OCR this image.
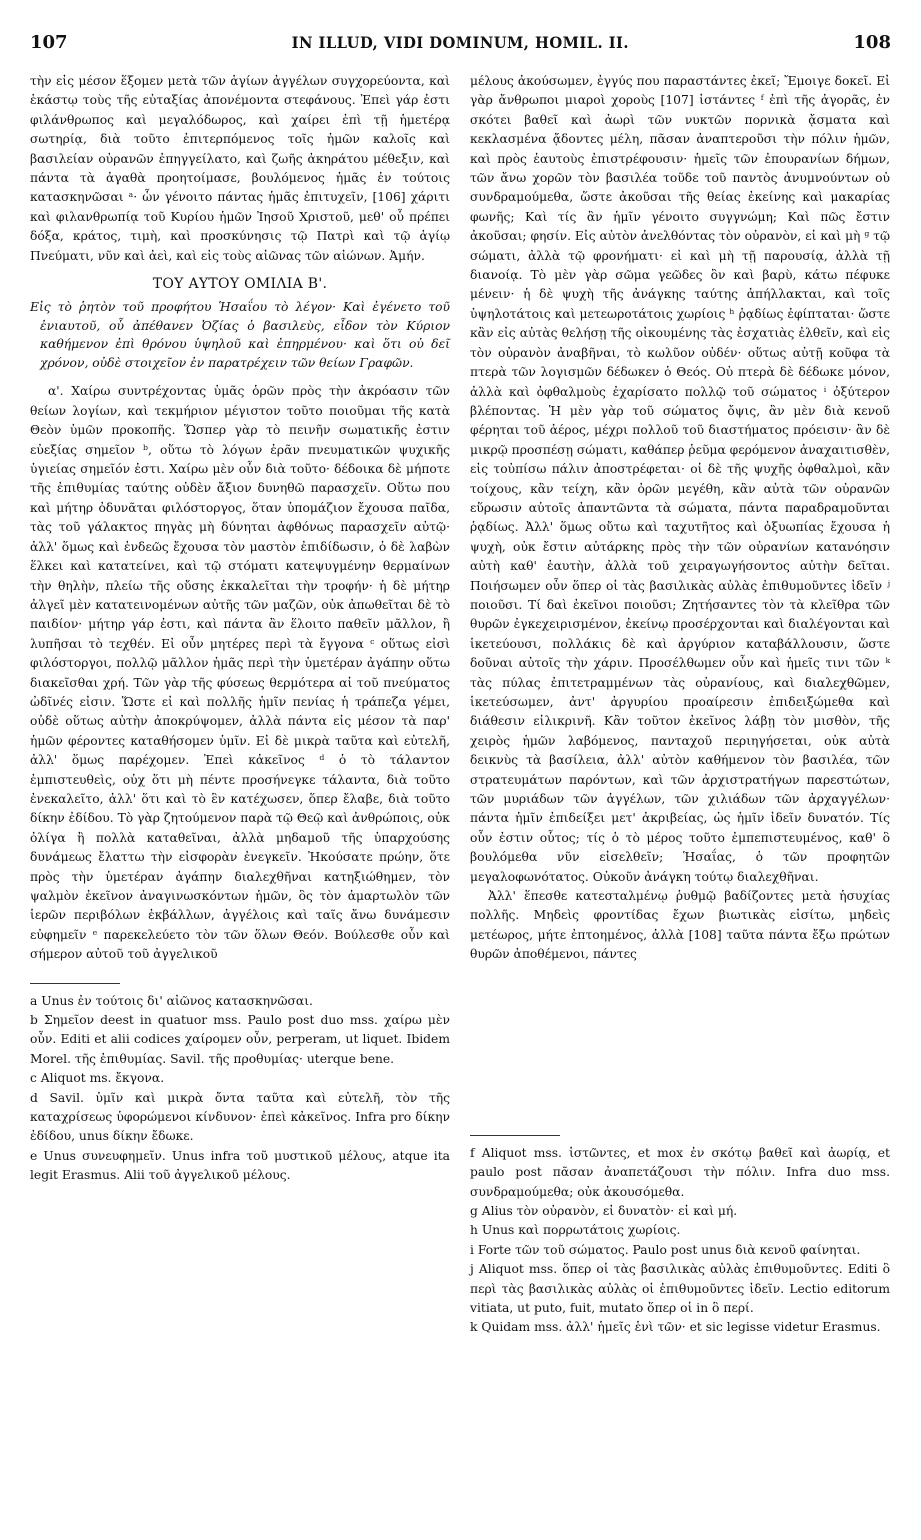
107	IN ILLUD, VIDI DOMINUM, HOMIL. II.	108

τὴν εἰς μέσον ἕξομεν μετὰ τῶν ἁγίων ἀγγέλων συγχορεύοντα, καὶ ἑκάστῳ τοὺς τῆς εὐταξίας ἀπονέμοντα στεφάνους. Ἐπεὶ γάρ ἐστι φιλάνθρωπος καὶ μεγαλόδωρος, καὶ χαίρει ἐπὶ τῇ ἡμετέρᾳ σωτηρίᾳ, διὰ τοῦτο ἐπιτερπόμενος τοῖς ἡμῶν καλοῖς καὶ βασιλείαν οὐρανῶν ἐπηγγείλατο, καὶ ζωῆς ἀκηράτου μέθεξιν, καὶ πάντα τὰ ἀγαθὰ προητοίμασε, βουλόμενος ἡμᾶς ἐν τούτοις κατασκηνῶσαι ᵃ· ὧν γένοιτο πάντας ἡμᾶς ἐπιτυχεῖν, [106] χάριτι καὶ φιλανθρωπίᾳ τοῦ Κυρίου ἡμῶν Ἰησοῦ Χριστοῦ, μεθ' οὗ πρέπει δόξα, κράτος, τιμὴ, καὶ προσκύνησις τῷ Πατρὶ καὶ τῷ ἁγίῳ Πνεύματι, νῦν καὶ ἀεὶ, καὶ εἰς τοὺς αἰῶνας τῶν αἰώνων. Ἀμήν.

ΤΟΥ ΑΥΤΟΥ ΟΜΙΛΙΑ Β'.
Εἰς τὸ ῥητὸν τοῦ προφήτου Ἡσαΐου τὸ λέγον· Καὶ ἐγένετο τοῦ ἐνιαυτοῦ, οὗ ἀπέθανεν Ὀζίας ὁ βασιλεὺς, εἶδον τὸν Κύριον καθήμενον ἐπὶ θρόνου ὑψηλοῦ καὶ ἐπηρμένου· καὶ ὅτι οὐ δεῖ χρόνον, οὐδὲ στοιχεῖον ἐν παρατρέχειν τῶν θείων Γραφῶν.

α'. Χαίρω συντρέχοντας ὑμᾶς ὁρῶν πρὸς τὴν ἀκρόασιν τῶν θείων λογίων, καὶ τεκμήριον μέγιστον τοῦτο ποιοῦμαι τῆς κατὰ Θεὸν ὑμῶν προκοπῆς. Ὥσπερ γὰρ τὸ πεινῆν σωματικῆς ἐστιν εὐεξίας σημεῖον ᵇ, οὕτω τὸ λόγων ἐρᾶν πνευματικῶν ψυχικῆς ὑγιείας σημεῖόν ἐστι. Χαίρω μὲν οὖν διὰ τοῦτο· δέδοικα δὲ μήποτε τῆς ἐπιθυμίας ταύτης οὐδὲν ἄξιον δυνηθῶ παρασχεῖν. Οὕτω που καὶ μήτηρ ὀδυνᾶται φιλόστοργος, ὅταν ὑπομάζιον ἔχουσα παῖδα, τὰς τοῦ γάλακτος πηγὰς μὴ δύνηται ἀφθόνως παρασχεῖν αὐτῷ· ἀλλ' ὅμως καὶ ἐνδεῶς ἔχουσα τὸν μαστὸν ἐπιδίδωσιν, ὁ δὲ λαβὼν ἕλκει καὶ κατατείνει, καὶ τῷ στόματι κατεψυγμένην θερμαίνων τὴν θηλὴν, πλείω τῆς οὔσης ἐκκαλεῖται τὴν τροφήν· ἡ δὲ μήτηρ ἀλγεῖ μὲν κατατεινομένων αὐτῆς τῶν μαζῶν, οὐκ ἀπωθεῖται δὲ τὸ παιδίον· μήτηρ γάρ ἐστι, καὶ πάντα ἂν ἕλοιτο παθεῖν μᾶλλον, ἢ λυπῆσαι τὸ τεχθέν. Εἰ οὖν μητέρες περὶ τὰ ἔγγονα ᶜ οὕτως εἰσὶ φιλόστοργοι, πολλῷ μᾶλλον ἡμᾶς περὶ τὴν ὑμετέραν ἀγάπην οὕτω διακεῖσθαι χρή. Τῶν γὰρ τῆς φύσεως θερμότερα αἱ τοῦ πνεύματος ὠδῖνές εἰσιν. Ὥστε εἰ καὶ πολλῆς ἡμῖν πενίας ἡ τράπεζα γέμει, οὐδὲ οὕτως αὐτὴν ἀποκρύψομεν, ἀλλὰ πάντα εἰς μέσον τὰ παρ' ἡμῶν φέροντες καταθήσομεν ὑμῖν. Εἰ δὲ μικρὰ ταῦτα καὶ εὐτελῆ, ἀλλ' ὅμως παρέχομεν. Ἐπεὶ κἀκεῖνος ᵈ ὁ τὸ τάλαντον ἐμπιστευθεὶς, οὐχ ὅτι μὴ πέντε προσήνεγκε τάλαντα, διὰ τοῦτο ἐνεκαλεῖτο, ἀλλ' ὅτι καὶ τὸ ἓν κατέχωσεν, ὅπερ ἔλαβε, διὰ τοῦτο δίκην ἐδίδου. Τὸ γὰρ ζητούμενον παρὰ τῷ Θεῷ καὶ ἀνθρώποις, οὐκ ὀλίγα ἢ πολλὰ καταθεῖναι, ἀλλὰ μηδαμοῦ τῆς ὑπαρχούσης δυνάμεως ἔλαττω τὴν εἰσφορὰν ἐνεγκεῖν. Ἠκούσατε πρώην, ὅτε πρὸς τὴν ὑμετέραν ἀγάπην διαλεχθῆναι κατηξιώθημεν, τὸν ψαλμὸν ἐκεῖνον ἀναγινωσκόντων ἡμῶν, ὃς τὸν ἁμαρτωλὸν τῶν ἱερῶν περιβόλων ἐκβάλλων, ἀγγέλοις καὶ ταῖς ἄνω δυνάμεσιν εὐφημεῖν ᵉ παρεκελεύετο τὸν τῶν ὅλων Θεόν. Βούλεσθε οὖν καὶ σήμερον αὐτοῦ τοῦ ἀγγελικοῦ

a Unus ἐν τούτοις δι' αἰῶνος κατασκηνῶσαι.

b Σημεῖον deest in quatuor mss. Paulo post duo mss. χαίρω μὲν οὖν. Editi et alii codices χαίρομεν οὖν, perperam, ut liquet. Ibidem Morel. τῆς ἐπιθυμίας. Savil. τῆς προθυμίας· uterque bene.

c Aliquot ms. ἔκγονα.

d Savil. ὑμῖν καὶ μικρὰ ὄντα ταῦτα καὶ εὐτελῆ, τὸν τῆς καταχρίσεως ὑφορώμενοι κίνδυνον· ἐπεὶ κἀκεῖνος. Infra pro δίκην ἐδίδου, unus δίκην ἔδωκε.

e Unus συνευφημεῖν. Unus infra τοῦ μυστικοῦ μέλους, atque ita legit Erasmus. Alii τοῦ ἀγγελικοῦ μέλους.

μέλους ἀκούσωμεν, ἐγγύς που παραστάντες ἐκεῖ; Ἔμοιγε δοκεῖ. Εἰ γὰρ ἄνθρωποι μιαροὶ χοροὺς [107] ἱστάντες ᶠ ἐπὶ τῆς ἀγορᾶς, ἐν σκότει βαθεῖ καὶ ἀωρὶ τῶν νυκτῶν πορνικὰ ᾄσματα καὶ κεκλασμένα ᾄδοντες μέλη, πᾶσαν ἀναπτεροῦσι τὴν πόλιν ἡμῶν, καὶ πρὸς ἑαυτοὺς ἐπιστρέφουσιν· ἡμεῖς τῶν ἐπουρανίων δήμων, τῶν ἄνω χορῶν τὸν βασιλέα τοῦδε τοῦ παντὸς ἀνυμνούντων οὐ συνδραμούμεθα, ὥστε ἀκοῦσαι τῆς θείας ἐκείνης καὶ μακαρίας φωνῆς; Καὶ τίς ἂν ἡμῖν γένοιτο συγγνώμη; Καὶ πῶς ἔστιν ἀκοῦσαι; φησίν. Εἰς αὐτὸν ἀνελθόντας τὸν οὐρανὸν, εἰ καὶ μὴ ᵍ τῷ σώματι, ἀλλὰ τῷ φρονήματι· εἰ καὶ μὴ τῇ παρουσίᾳ, ἀλλὰ τῇ διανοίᾳ. Τὸ μὲν γὰρ σῶμα γεῶδες ὂν καὶ βαρὺ, κάτω πέφυκε μένειν· ἡ δὲ ψυχὴ τῆς ἀνάγκης ταύτης ἀπήλλακται, καὶ τοῖς ὑψηλοτάτοις καὶ μετεωροτάτοις χωρίοις ʰ ῥᾳδίως ἐφίπταται· ὥστε κἂν εἰς αὐτὰς θελήσῃ τῆς οἰκουμένης τὰς ἐσχατιὰς ἐλθεῖν, καὶ εἰς τὸν οὐρανὸν ἀναβῆναι, τὸ κωλῦον οὐδέν· οὕτως αὐτῇ κοῦφα τὰ πτερὰ τῶν λογισμῶν δέδωκεν ὁ Θεός. Οὐ πτερὰ δὲ δέδωκε μόνον, ἀλλὰ καὶ ὀφθαλμοὺς ἐχαρίσατο πολλῷ τοῦ σώματος ⁱ ὀξύτερον βλέποντας. Ἡ μὲν γὰρ τοῦ σώματος ὄψις, ἂν μὲν διὰ κενοῦ φέρηται τοῦ ἀέρος, μέχρι πολλοῦ τοῦ διαστήματος πρόεισιν· ἂν δὲ μικρῷ προσπέσῃ σώματι, καθάπερ ῥεῦμα φερόμενον ἀναχαιτισθὲν, εἰς τοὐπίσω πάλιν ἀποστρέφεται· οἱ δὲ τῆς ψυχῆς ὀφθαλμοὶ, κἂν τοίχους, κἂν τείχη, κἂν ὀρῶν μεγέθη, κἂν αὐτὰ τῶν οὐρανῶν εὕρωσιν αὐτοῖς ἀπαντῶντα τὰ σώματα, πάντα παραδραμοῦνται ῥᾳδίως. Ἀλλ' ὅμως οὔτω καὶ ταχυτῆτος καὶ ὀξυωπίας ἔχουσα ἡ ψυχὴ, οὐκ ἔστιν αὐτάρκης πρὸς τὴν τῶν οὐρανίων κατανόησιν αὐτὴ καθ' ἑαυτὴν, ἀλλὰ τοῦ χειραγωγήσοντος αὐτὴν δεῖται. Ποιήσωμεν οὖν ὅπερ οἱ τὰς βασιλικὰς αὐλὰς ἐπιθυμοῦντες ἰδεῖν ʲ ποιοῦσι. Τί δαὶ ἐκεῖνοι ποιοῦσι; Ζητήσαντες τὸν τὰ κλεῖθρα τῶν θυρῶν ἐγκεχειρισμένον, ἐκείνῳ προσέρχονται καὶ διαλέγονται καὶ ἱκετεύουσι, πολλάκις δὲ καὶ ἀργύριον καταβάλλουσιν, ὥστε δοῦναι αὐτοῖς τὴν χάριν. Προσέλθωμεν οὖν καὶ ἡμεῖς τινι τῶν ᵏ τὰς πύλας ἐπιτετραμμένων τὰς οὐρανίους, καὶ διαλεχθῶμεν, ἱκετεύσωμεν, ἀντ' ἀργυρίου προαίρεσιν ἐπιδειξώμεθα καὶ διάθεσιν εἰλικρινῆ. Κἂν τοῦτον ἐκεῖνος λάβῃ τὸν μισθὸν, τῆς χειρὸς ἡμῶν λαβόμενος, πανταχοῦ περιηγήσεται, οὐκ αὐτὰ δεικνὺς τὰ βασίλεια, ἀλλ' αὐτὸν καθήμενον τὸν βασιλέα, τῶν στρατευμάτων παρόντων, καὶ τῶν ἀρχιστρατήγων παρεστώτων, τῶν μυριάδων τῶν ἀγγέλων, τῶν χιλιάδων τῶν ἀρχαγγέλων· πάντα ἡμῖν ἐπιδείξει μετ' ἀκριβείας, ὡς ἡμῖν ἰδεῖν δυνατόν. Τίς οὖν ἐστιν οὗτος; τίς ὁ τὸ μέρος τοῦτο ἐμπεπιστευμένος, καθ' ὃ βουλόμεθα νῦν εἰσελθεῖν; Ἡσαΐας, ὁ τῶν προφητῶν μεγαλοφωνότατος. Οὐκοῦν ἀνάγκη τούτῳ διαλεχθῆναι.

Ἀλλ' ἕπεσθε κατεσταλμένῳ ῥυθμῷ βαδίζοντες μετὰ ἡσυχίας πολλῆς. Μηδεὶς φροντίδας ἔχων βιωτικὰς εἰσίτω, μηδεὶς μετέωρος, μήτε ἐπτοημένος, ἀλλὰ [108] ταῦτα πάντα ἔξω πρώτων θυρῶν ἀποθέμενοι, πάντες

f Aliquot mss. ἱστῶντες, et mox ἐν σκότῳ βαθεῖ καὶ ἀωρίᾳ, et paulo post πᾶσαν ἀναπετάζουσι τὴν πόλιν. Infra duo mss. συνδραμούμεθα; οὐκ ἀκουσόμεθα.

g Alius τὸν οὐρανὸν, εἰ δυνατὸν· εἰ καὶ μή.

h Unus καὶ πορρωτάτοις χωρίοις.

i Forte τῶν τοῦ σώματος. Paulo post unus διὰ κενοῦ φαίνηται.

j Aliquot mss. ὅπερ οἱ τὰς βασιλικὰς αὐλὰς ἐπιθυμοῦντες. Editi ὃ περὶ τὰς βασιλικὰς αὐλὰς οἱ ἐπιθυμοῦντες ἰδεῖν. Lectio editorum vitiata, ut puto, fuit, mutato ὅπερ οἱ in ὃ περί.

k Quidam mss. ἀλλ' ἡμεῖς ἑνὶ τῶν· et sic legisse videtur Erasmus.
